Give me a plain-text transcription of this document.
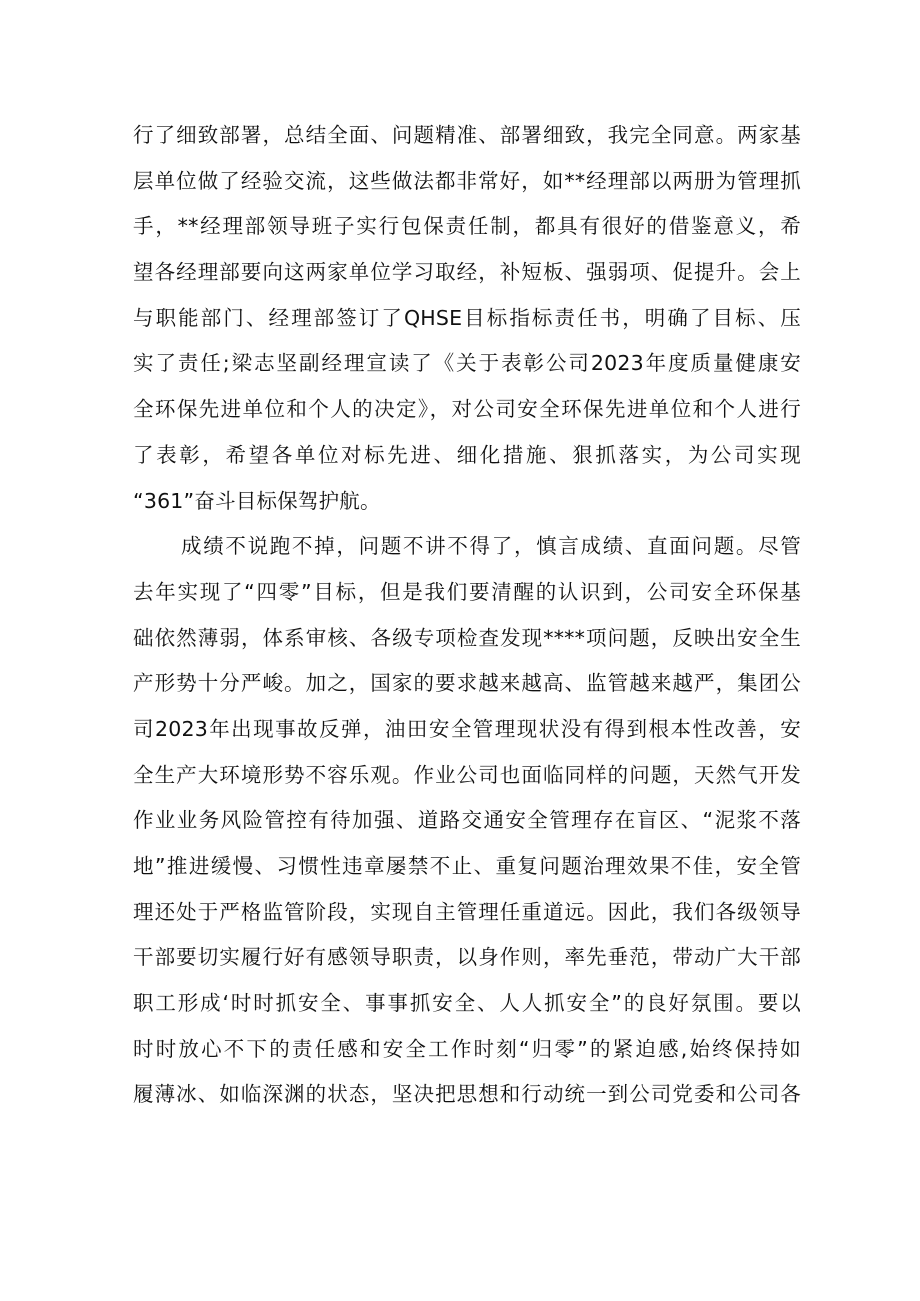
行了细致部署，总结全面、问题精准、部署细致，我完全同意。两家基
层单位做了经验交流，这些做法都非常好，如**经理部以两册为管理抓
手，**经理部领导班子实行包保责任制，都具有很好的借鉴意义，希
望各经理部要向这两家单位学习取经，补短板、强弱项、促提升。会上
与职能部门、经理部签订了QHSE目标指标责任书，明确了目标、压
实了责任;梁志坚副经理宣读了《关于表彰公司2023年度质量健康安
全环保先进单位和个人的决定》，对公司安全环保先进单位和个人进行
了表彰，希望各单位对标先进、细化措施、狠抓落实，为公司实现
“361”奋斗目标保驾护航。
成绩不说跑不掉，问题不讲不得了，慎言成绩、直面问题。尽管
去年实现了“四零”目标，但是我们要清醒的认识到，公司安全环保基
础依然薄弱，体系审核、各级专项检查发现****项问题，反映出安全生
产形势十分严峻。加之，国家的要求越来越高、监管越来越严，集团公
司2023年出现事故反弹，油田安全管理现状没有得到根本性改善，安
全生产大环境形势不容乐观。作业公司也面临同样的问题，天然气开发
作业业务风险管控有待加强、道路交通安全管理存在盲区、“泥浆不落
地”推进缓慢、习惯性违章屡禁不止、重复问题治理效果不佳，安全管
理还处于严格监管阶段，实现自主管理任重道远。因此，我们各级领导
干部要切实履行好有感领导职责，以身作则，率先垂范，带动广大干部
职工形成‘时时抓安全、事事抓安全、人人抓安全”的良好氛围。要以
时时放心不下的责任感和安全工作时刻“归零”的紧迫感,始终保持如
履薄冰、如临深渊的状态，坚决把思想和行动统一到公司党委和公司各
